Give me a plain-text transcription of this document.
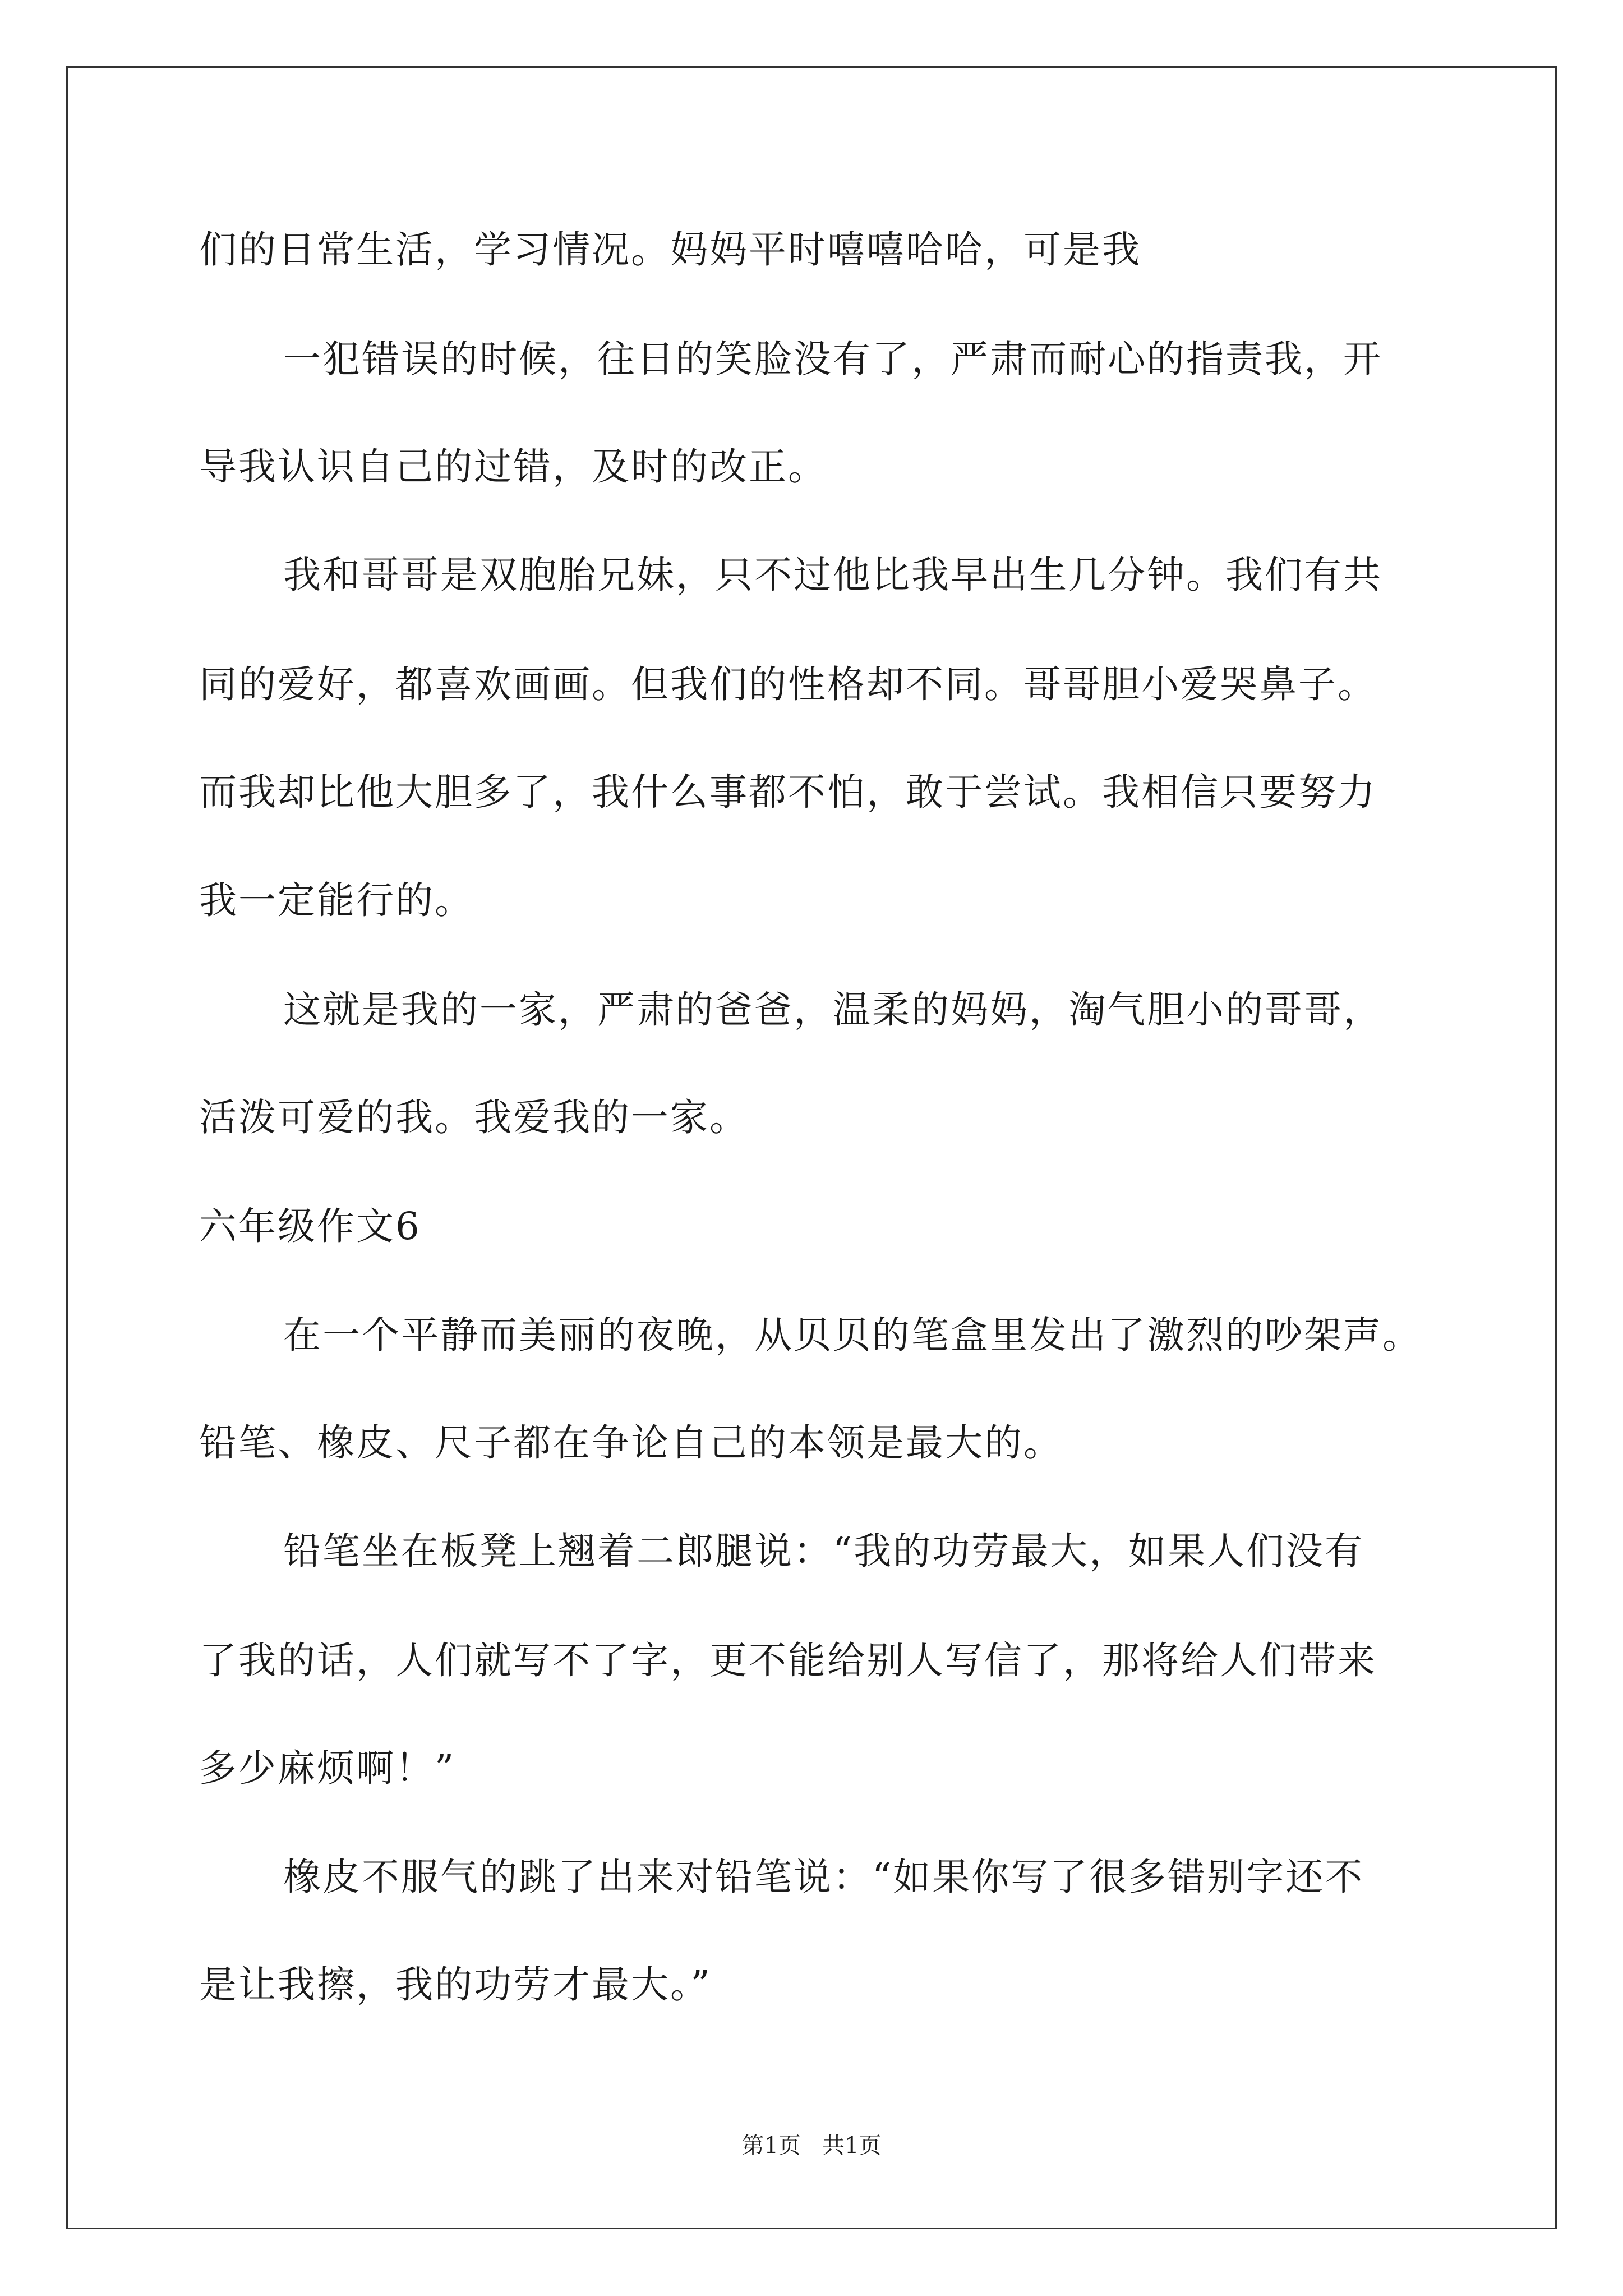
们的日常生活，学习情况。妈妈平时嘻嘻哈哈，可是我
一犯错误的时候，往日的笑脸没有了，严肃而耐心的指责我，开
导我认识自己的过错，及时的改正。
我和哥哥是双胞胎兄妹，只不过他比我早出生几分钟。我们有共
同的爱好，都喜欢画画。但我们的性格却不同。哥哥胆小爱哭鼻子。
而我却比他大胆多了，我什么事都不怕，敢于尝试。我相信只要努力
我一定能行的。
这就是我的一家，严肃的爸爸，温柔的妈妈，淘气胆小的哥哥，
活泼可爱的我。我爱我的一家。
六年级作文6
在一个平静而美丽的夜晚，从贝贝的笔盒里发出了激烈的吵架声。
铅笔、橡皮、尺子都在争论自己的本领是最大的。
铅笔坐在板凳上翘着二郎腿说：“我的功劳最大，如果人们没有
了我的话，人们就写不了字，更不能给别人写信了，那将给人们带来
多少麻烦啊！”
橡皮不服气的跳了出来对铅笔说：“如果你写了很多错别字还不
是让我擦，我的功劳才最大。”
第1页   共1页
